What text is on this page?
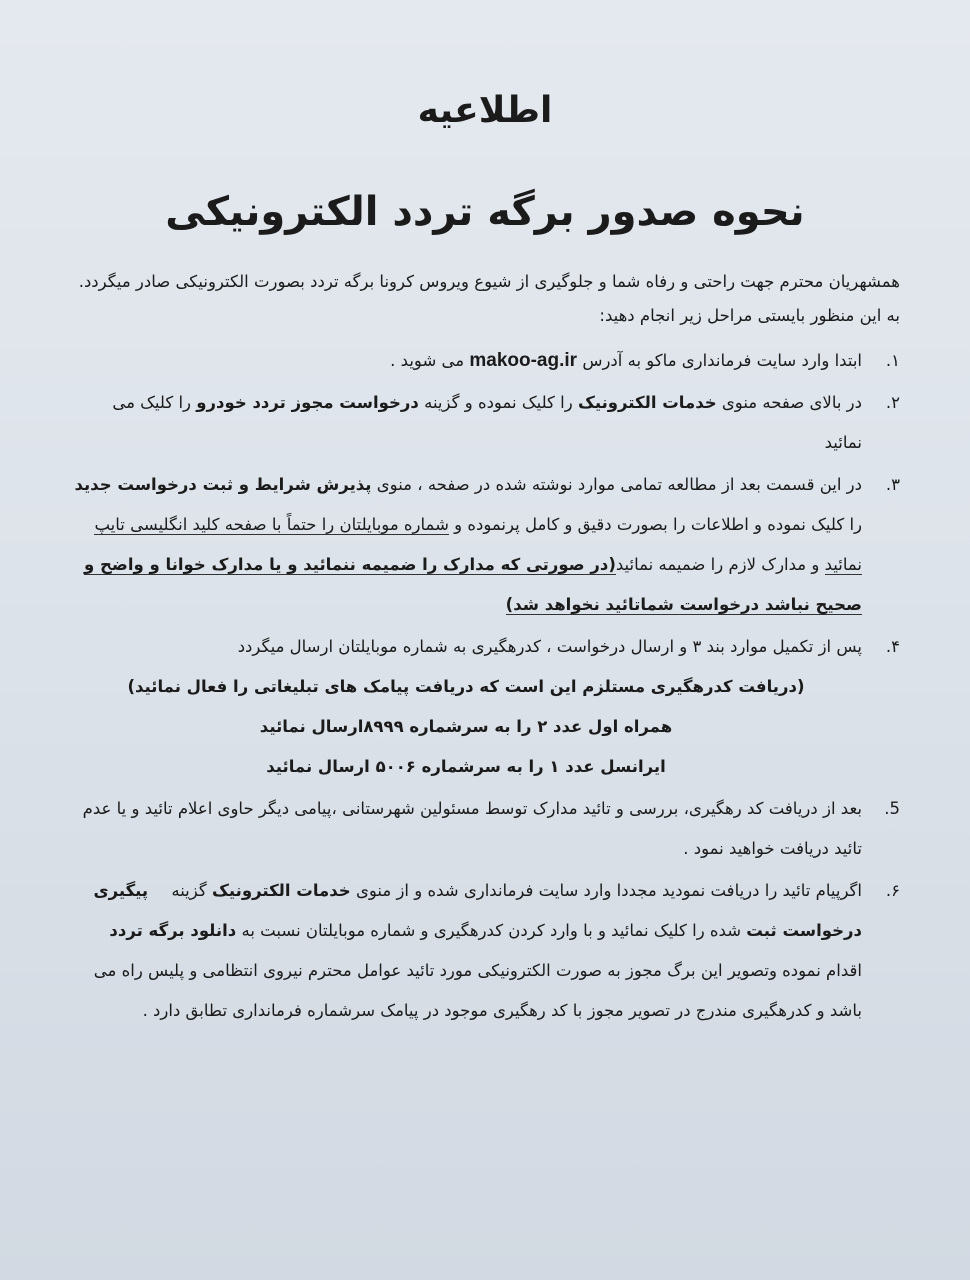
اطلاعیه
نحوه صدور برگه تردد الکترونیکی

همشهریان محترم جهت راحتی و رفاه شما و جلوگیری از شیوع ویروس کرونا برگه تردد بصورت الکترونیکی صادر میگردد.

به این منظور بایستی مراحل زیر انجام دهید:

۱.
ابتدا وارد سایت فرمانداری ماکو به آدرس makoo-ag.ir می شوید .
۲.
در بالای صفحه منوی خدمات الکترونیک را کلیک نموده و گزینه درخواست مجوز تردد خودرو را کلیک می نمائید
۳.
در این قسمت بعد از مطالعه تمامی موارد نوشته شده در صفحه ، منوی پذیرش شرایط و ثبت درخواست جدید را کلیک نموده و اطلاعات را بصورت دقیق و کامل پرنموده و شماره موبایلتان را حتماً با صفحه کلید انگلیسی تایپ نمائید و مدارک لازم را ضمیمه نمائید(در صورتی که مدارک را ضمیمه ننمائید و یا مدارک خوانا و واضح و صحیح نباشد درخواست شماتائید نخواهد شد)
۴.
پس از تکمیل موارد بند ۳ و ارسال درخواست ، کدرهگیری به شماره موبایلتان ارسال میگردد
(دریافت کدرهگیری مستلزم این است که دریافت پیامک های تبلیغاتی را فعال نمائید)
همراه اول عدد ۲ را به سرشماره ۸۹۹۹ارسال نمائید
ایرانسل عدد ۱ را به سرشماره ۵۰۰۶ ارسال نمائید
5.
بعد از دریافت کد رهگیری، بررسی و تائید مدارک توسط مسئولین شهرستانی ،پیامی دیگر حاوی اعلام تائید و یا عدم تائید دریافت خواهید نمود .
۶.
اگرپیام تائید را دریافت نمودید مجددا وارد سایت فرمانداری شده و از منوی خدمات الکترونیک گزینه پیگیری درخواست ثبت شده را کلیک نمائید و با وارد کردن کدرهگیری و شماره موبایلتان نسبت به دانلود برگه تردد اقدام نموده وتصویر این برگ مجوز به صورت الکترونیکی مورد تائید عوامل محترم نیروی انتظامی و پلیس راه می باشد و کدرهگیری مندرج در تصویر مجوز با کد رهگیری موجود در پیامک سرشماره فرمانداری تطابق دارد .
